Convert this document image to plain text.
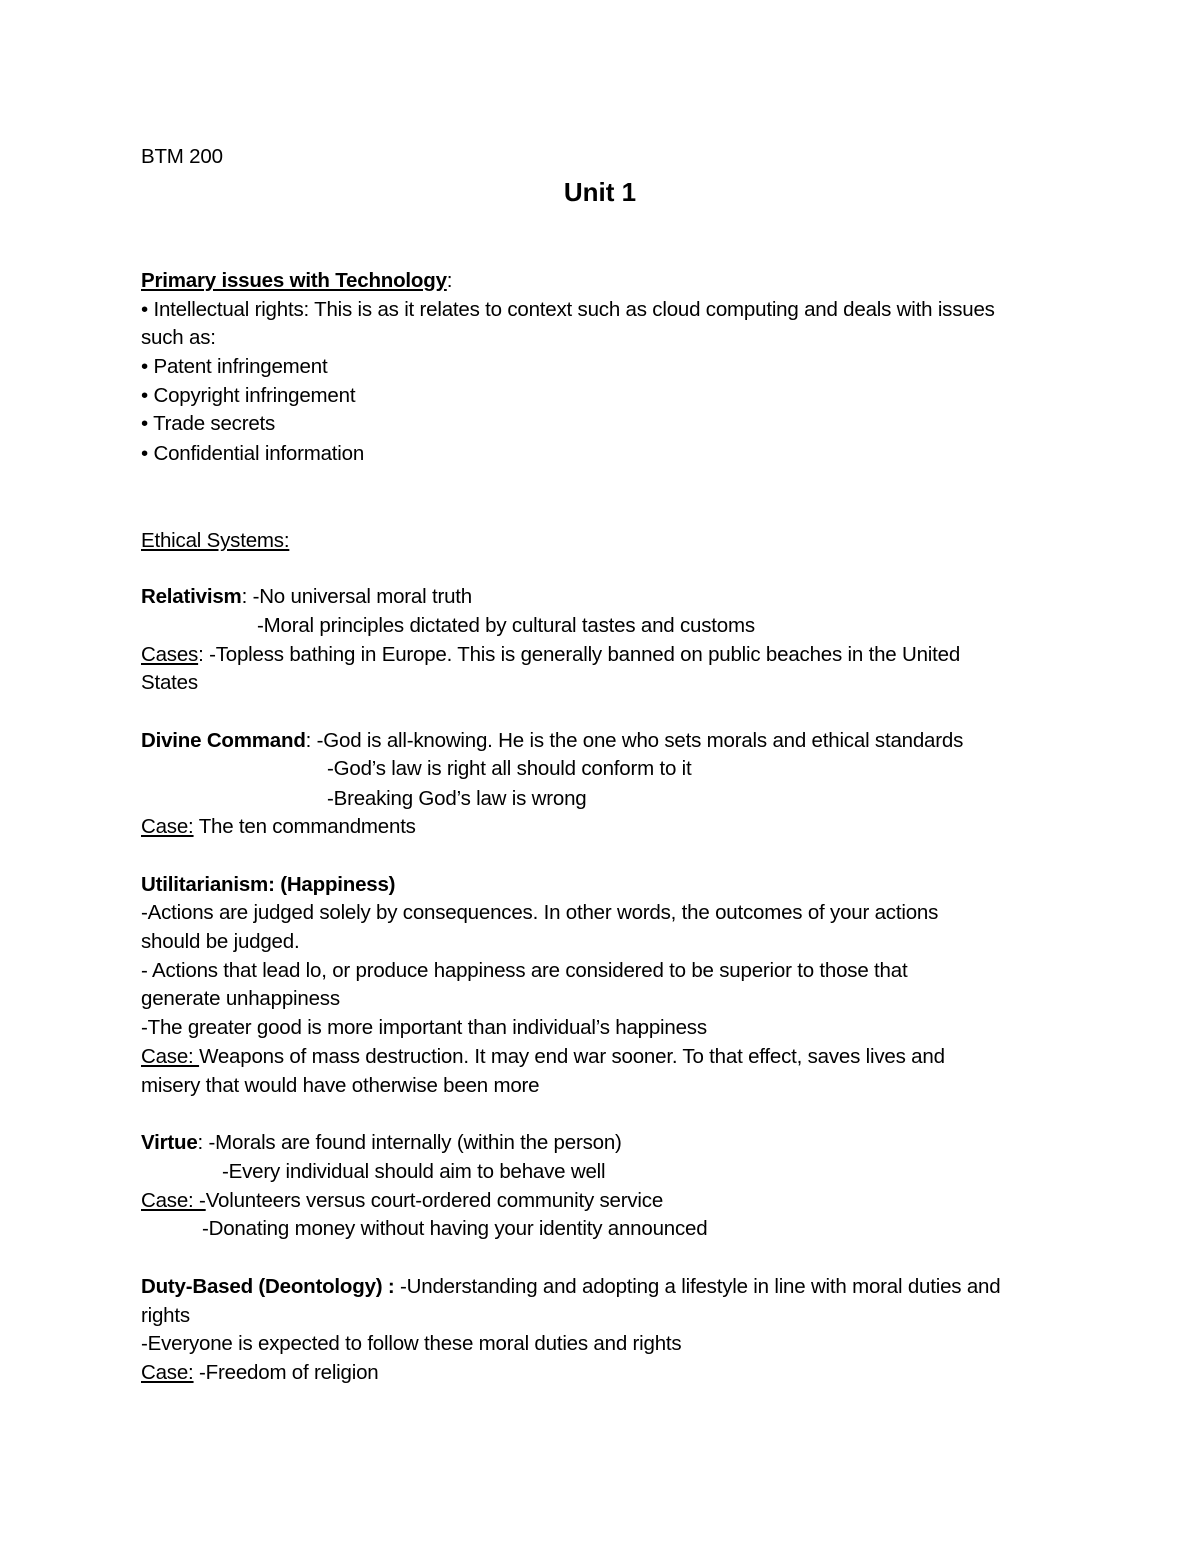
BTM 200
Unit 1
Primary issues with Technology:
• Intellectual rights: This is as it relates to context such as cloud computing and deals with issues
such as:
• Patent infringement
• Copyright infringement
• Trade secrets
• Confidential information
Ethical Systems:
Relativism: -No universal moral truth
-Moral principles dictated by cultural tastes and customs
Cases: -Topless bathing in Europe. This is generally banned on public beaches in the United
States
Divine Command: -God is all-knowing. He is the one who sets morals and ethical standards
-God’s law is right all should conform to it
-Breaking God’s law is wrong
Case: The ten commandments
Utilitarianism: (Happiness)
-Actions are judged solely by consequences. In other words, the outcomes of your actions
should be judged.
- Actions that lead lo, or produce happiness are considered to be superior to those that
generate unhappiness
-The greater good is more important than individual’s happiness
Case: Weapons of mass destruction. It may end war sooner. To that effect, saves lives and
misery that would have otherwise been more
Virtue: -Morals are found internally (within the person)
-Every individual should aim to behave well
Case: -Volunteers versus court-ordered community service
-Donating money without having your identity announced
Duty-Based (Deontology) : -Understanding and adopting a lifestyle in line with moral duties and
rights
-Everyone is expected to follow these moral duties and rights
Case: -Freedom of religion
